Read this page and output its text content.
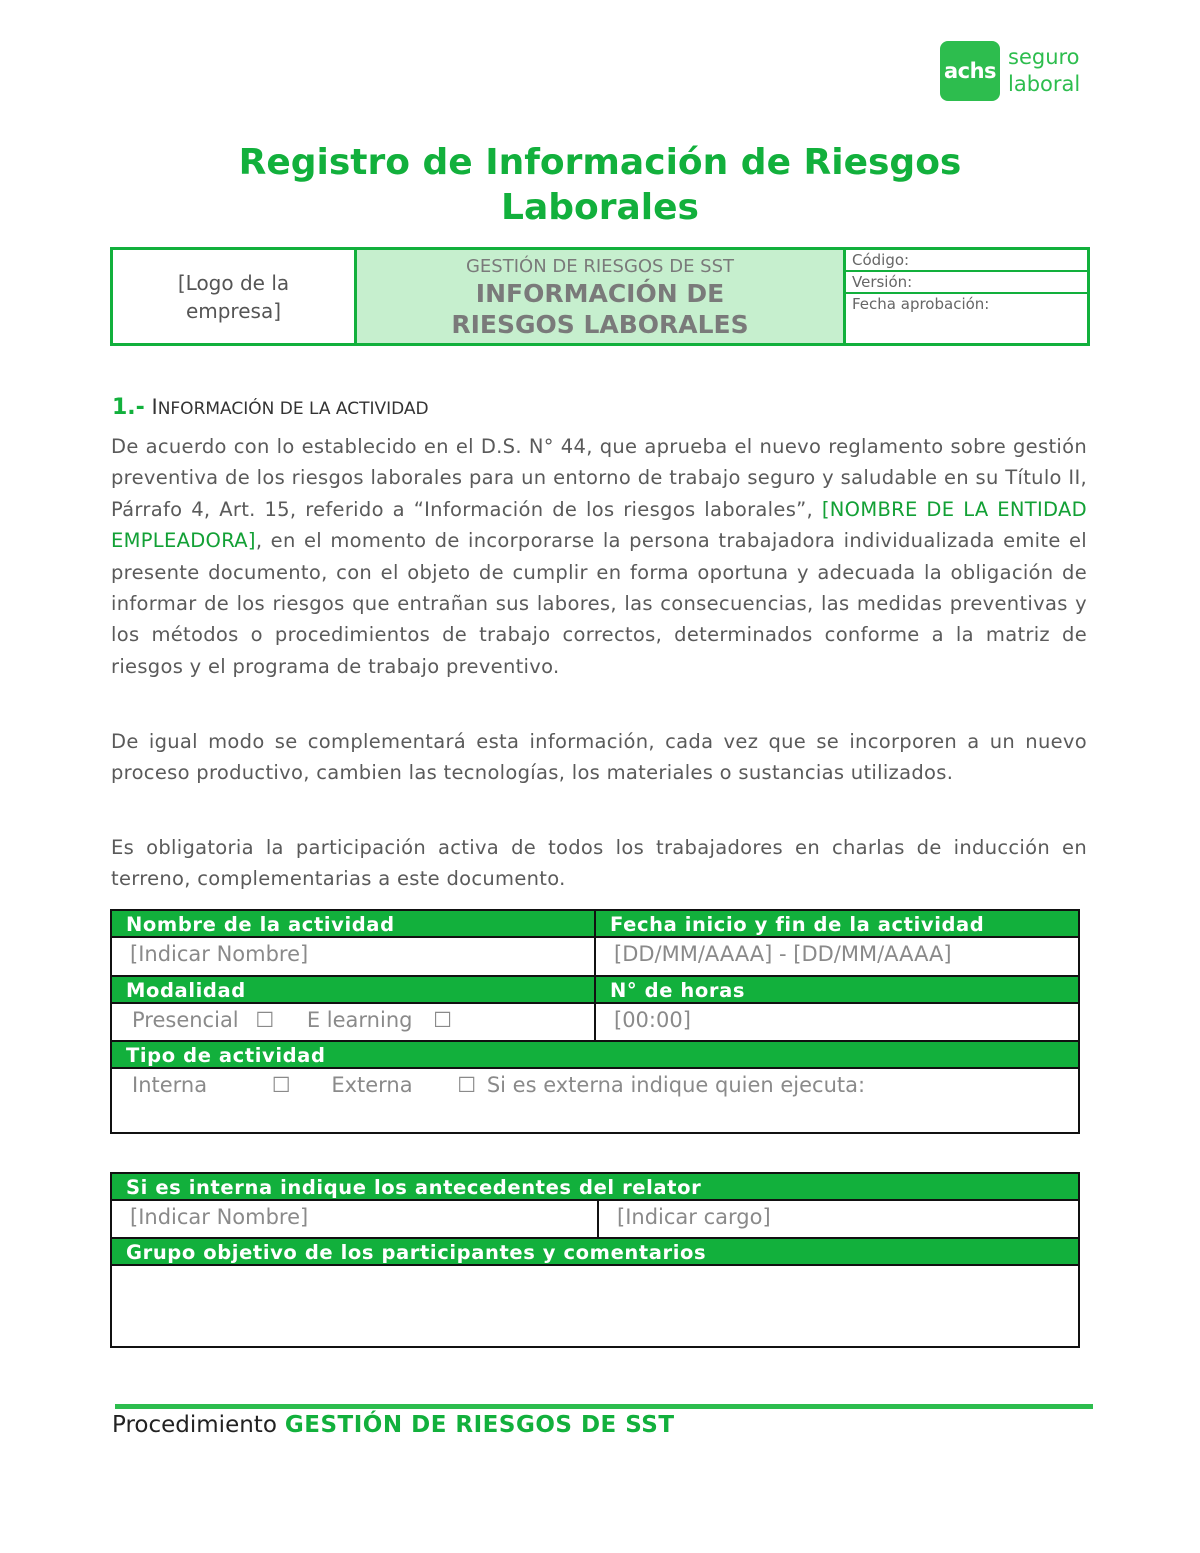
achs
seguro
laboral
Registro de Información de Riesgos
Laborales
[Logo de la
empresa]
GESTIÓN DE RIESGOS DE SST
INFORMACIÓN DE
RIESGOS LABORALES
Código:
Versión:
Fecha aprobación:
1.- INFORMACIÓN DE LA ACTIVIDAD
De acuerdo con lo establecido en el D.S. N° 44, que aprueba el nuevo reglamento sobre gestión preventiva de los riesgos laborales para un entorno de trabajo seguro y saludable en su Título II, Párrafo 4, Art. 15, referido a “Información de los riesgos laborales”, [NOMBRE DE LA ENTIDAD EMPLEADORA], en el momento de incorporarse la persona trabajadora individualizada emite el presente documento, con el objeto de cumplir en forma oportuna y adecuada la obligación de informar de los riesgos que entrañan sus labores, las consecuencias, las medidas preventivas y los métodos o procedimientos de trabajo correctos, determinados conforme a la matriz de riesgos y el programa de trabajo preventivo.
De igual modo se complementará esta información, cada vez que se incorporen a un nuevo proceso productivo, cambien las tecnologías, los materiales o sustancias utilizados.
Es obligatoria la participación activa de todos los trabajadores en charlas de inducción en terreno, complementarias a este documento.
Nombre de la actividad	Fecha inicio y fin de la actividad
[Indicar Nombre]	[DD/MM/AAAA] - [DD/MM/AAAA]
Modalidad	N° de horas
Presencial ☐ E learning ☐	[00:00]
Tipo de actividad
Interna	☐ Externa ☐ Si es externa indique quien ejecuta:
Si es interna indique los antecedentes del relator
[Indicar Nombre]	[Indicar cargo]
Grupo objetivo de los participantes y comentarios
Procedimiento GESTIÓN DE RIESGOS DE SST
